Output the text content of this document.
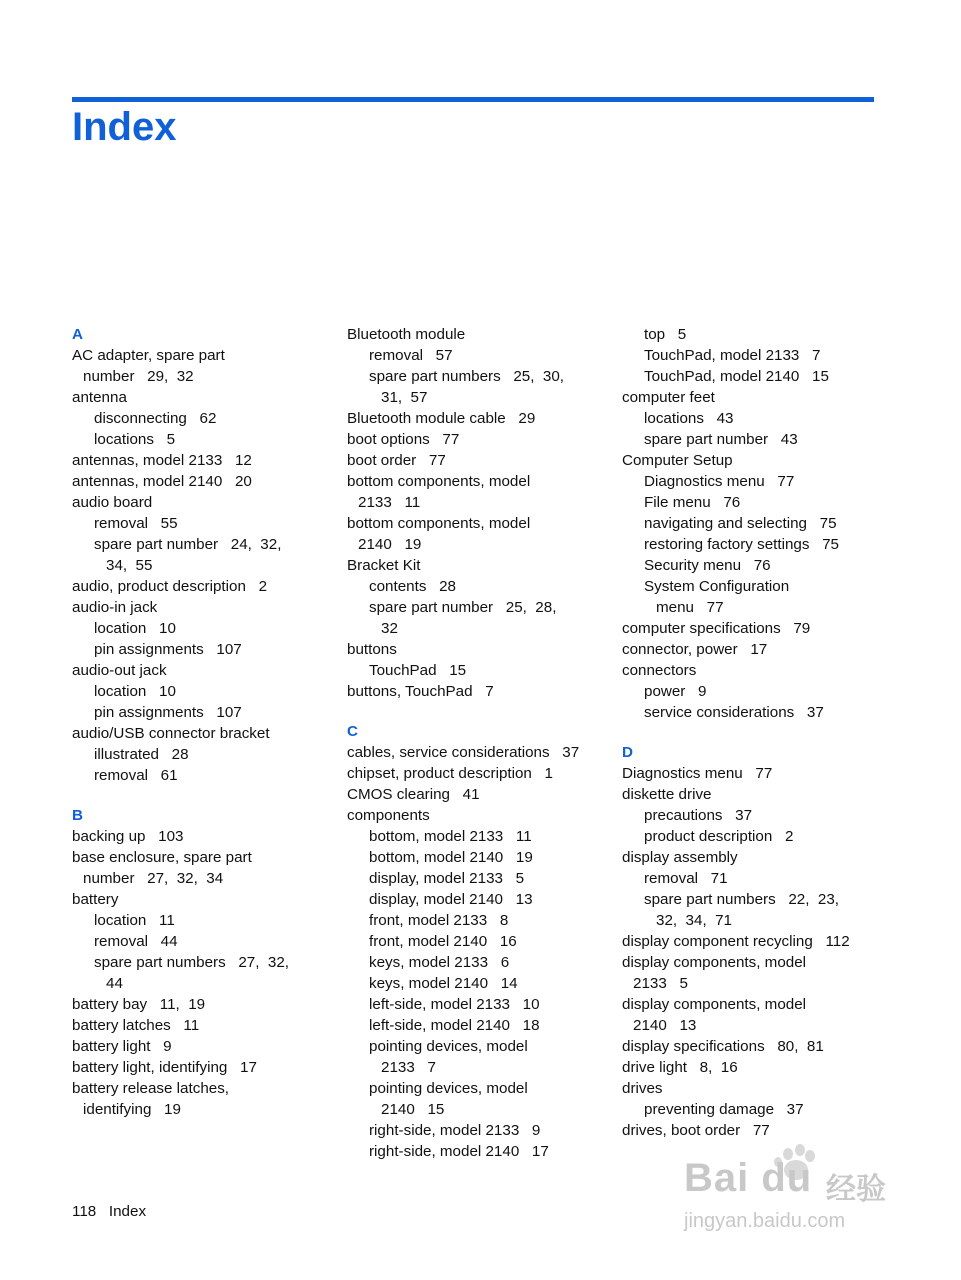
Index
A
AC adapter, spare part
number   29,  32
antenna
disconnecting   62
locations   5
antennas, model 2133   12
antennas, model 2140   20
audio board
removal   55
spare part number   24,  32,
34,  55
audio, product description   2
audio-in jack
location   10
pin assignments   107
audio-out jack
location   10
pin assignments   107
audio/USB connector bracket
illustrated   28
removal   61
B
backing up   103
base enclosure, spare part
number   27,  32,  34
battery
location   11
removal   44
spare part numbers   27,  32,
44
battery bay   11,  19
battery latches   11
battery light   9
battery light, identifying   17
battery release latches,
identifying   19
Bluetooth module
removal   57
spare part numbers   25,  30,
31,  57
Bluetooth module cable   29
boot options   77
boot order   77
bottom components, model
2133   11
bottom components, model
2140   19
Bracket Kit
contents   28
spare part number   25,  28,
32
buttons
TouchPad   15
buttons, TouchPad   7
C
cables, service considerations   37
chipset, product description   1
CMOS clearing   41
components
bottom, model 2133   11
bottom, model 2140   19
display, model 2133   5
display, model 2140   13
front, model 2133   8
front, model 2140   16
keys, model 2133   6
keys, model 2140   14
left-side, model 2133   10
left-side, model 2140   18
pointing devices, model
2133   7
pointing devices, model
2140   15
right-side, model 2133   9
right-side, model 2140   17
top   5
TouchPad, model 2133   7
TouchPad, model 2140   15
computer feet
locations   43
spare part number   43
Computer Setup
Diagnostics menu   77
File menu   76
navigating and selecting   75
restoring factory settings   75
Security menu   76
System Configuration
menu   77
computer specifications   79
connector, power   17
connectors
power   9
service considerations   37
D
Diagnostics menu   77
diskette drive
precautions   37
product description   2
display assembly
removal   71
spare part numbers   22,  23,
32,  34,  71
display component recycling   112
display components, model
2133   5
display components, model
2140   13
display specifications   80,  81
drive light   8,  16
drives
preventing damage   37
drives, boot order   77
118 Index
Bai du 经验
jingyan.baidu.com
